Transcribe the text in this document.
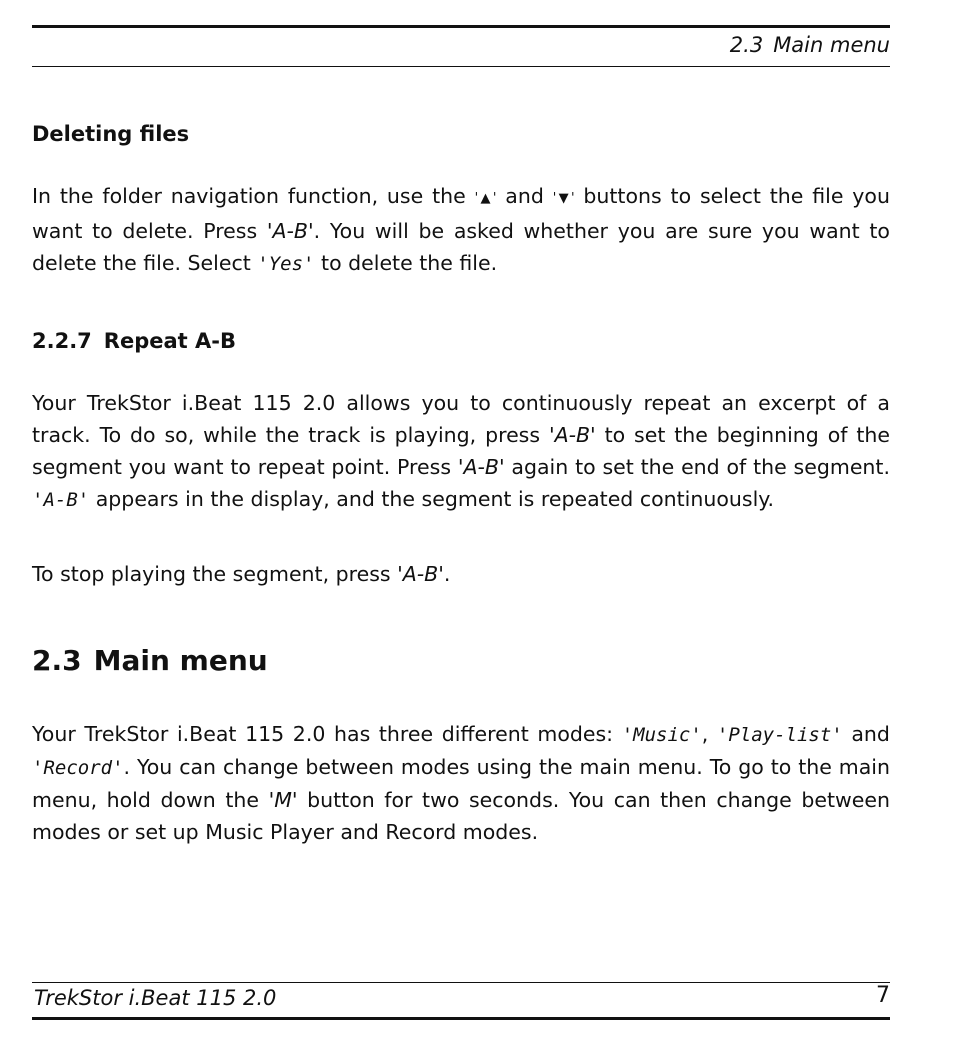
2.3 Main menu
Deleting files

In the folder navigation function, use the '▲' and '▼' buttons to select the file you want to delete. Press 'A-B'. You will be asked whether you are sure you want to delete the file. Select 'Yes' to delete the file.

2.2.7 Repeat A-B

Your TrekStor i.Beat 115 2.0 allows you to continuously repeat an excerpt of a track. To do so, while the track is playing, press 'A-B' to set the beginning of the segment you want to repeat point. Press 'A-B' again to set the end of the segment. 'A-B' appears in the display, and the segment is repeated continuously.

To stop playing the segment, press 'A-B'.

2.3 Main menu

Your TrekStor i.Beat 115 2.0 has three different modes: 'Music', 'Play-list' and 'Record'. You can change between modes using the main menu. To go to the main menu, hold down the 'M' button for two seconds. You can then change between modes or set up Music Player and Record modes.

TrekStor i.Beat 115 2.0	7
